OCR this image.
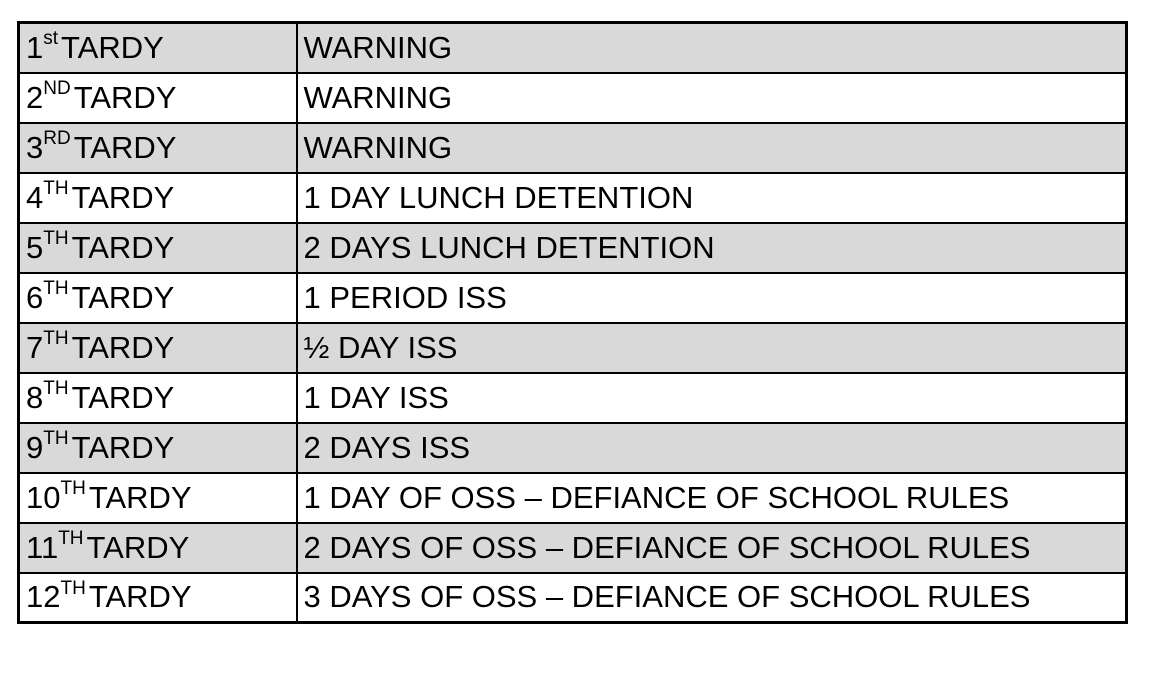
1stTARDY	WARNING
2NDTARDY	WARNING
3RDTARDY	WARNING
4THTARDY	1 DAY LUNCH DETENTION
5THTARDY	2 DAYS LUNCH DETENTION
6THTARDY	1 PERIOD ISS
7THTARDY	½ DAY ISS
8THTARDY	1 DAY ISS
9THTARDY	2 DAYS ISS
10THTARDY	1 DAY OF OSS – DEFIANCE OF SCHOOL RULES
11THTARDY	2 DAYS OF OSS – DEFIANCE OF SCHOOL RULES
12THTARDY	3 DAYS OF OSS – DEFIANCE OF SCHOOL RULES
